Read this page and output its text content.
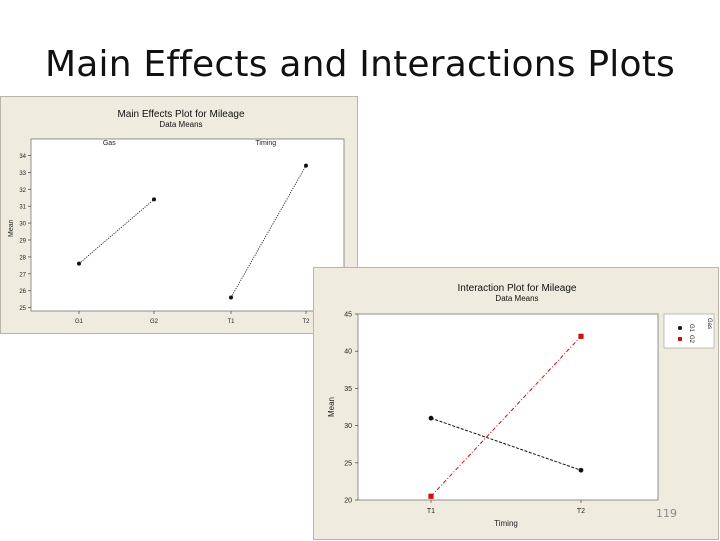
Main Effects and Interactions Plots
Main Effects Plot for Mileage
Data Means
Gas	Timing
25
26
27
28
29
30
31
32
33
34
Mean
G1	G2	T1	T2
Interaction Plot for Mileage
Data Means
20
25
30
35
40
45
Mean
T1	T2
Timing
Gas
G1
G2
119
